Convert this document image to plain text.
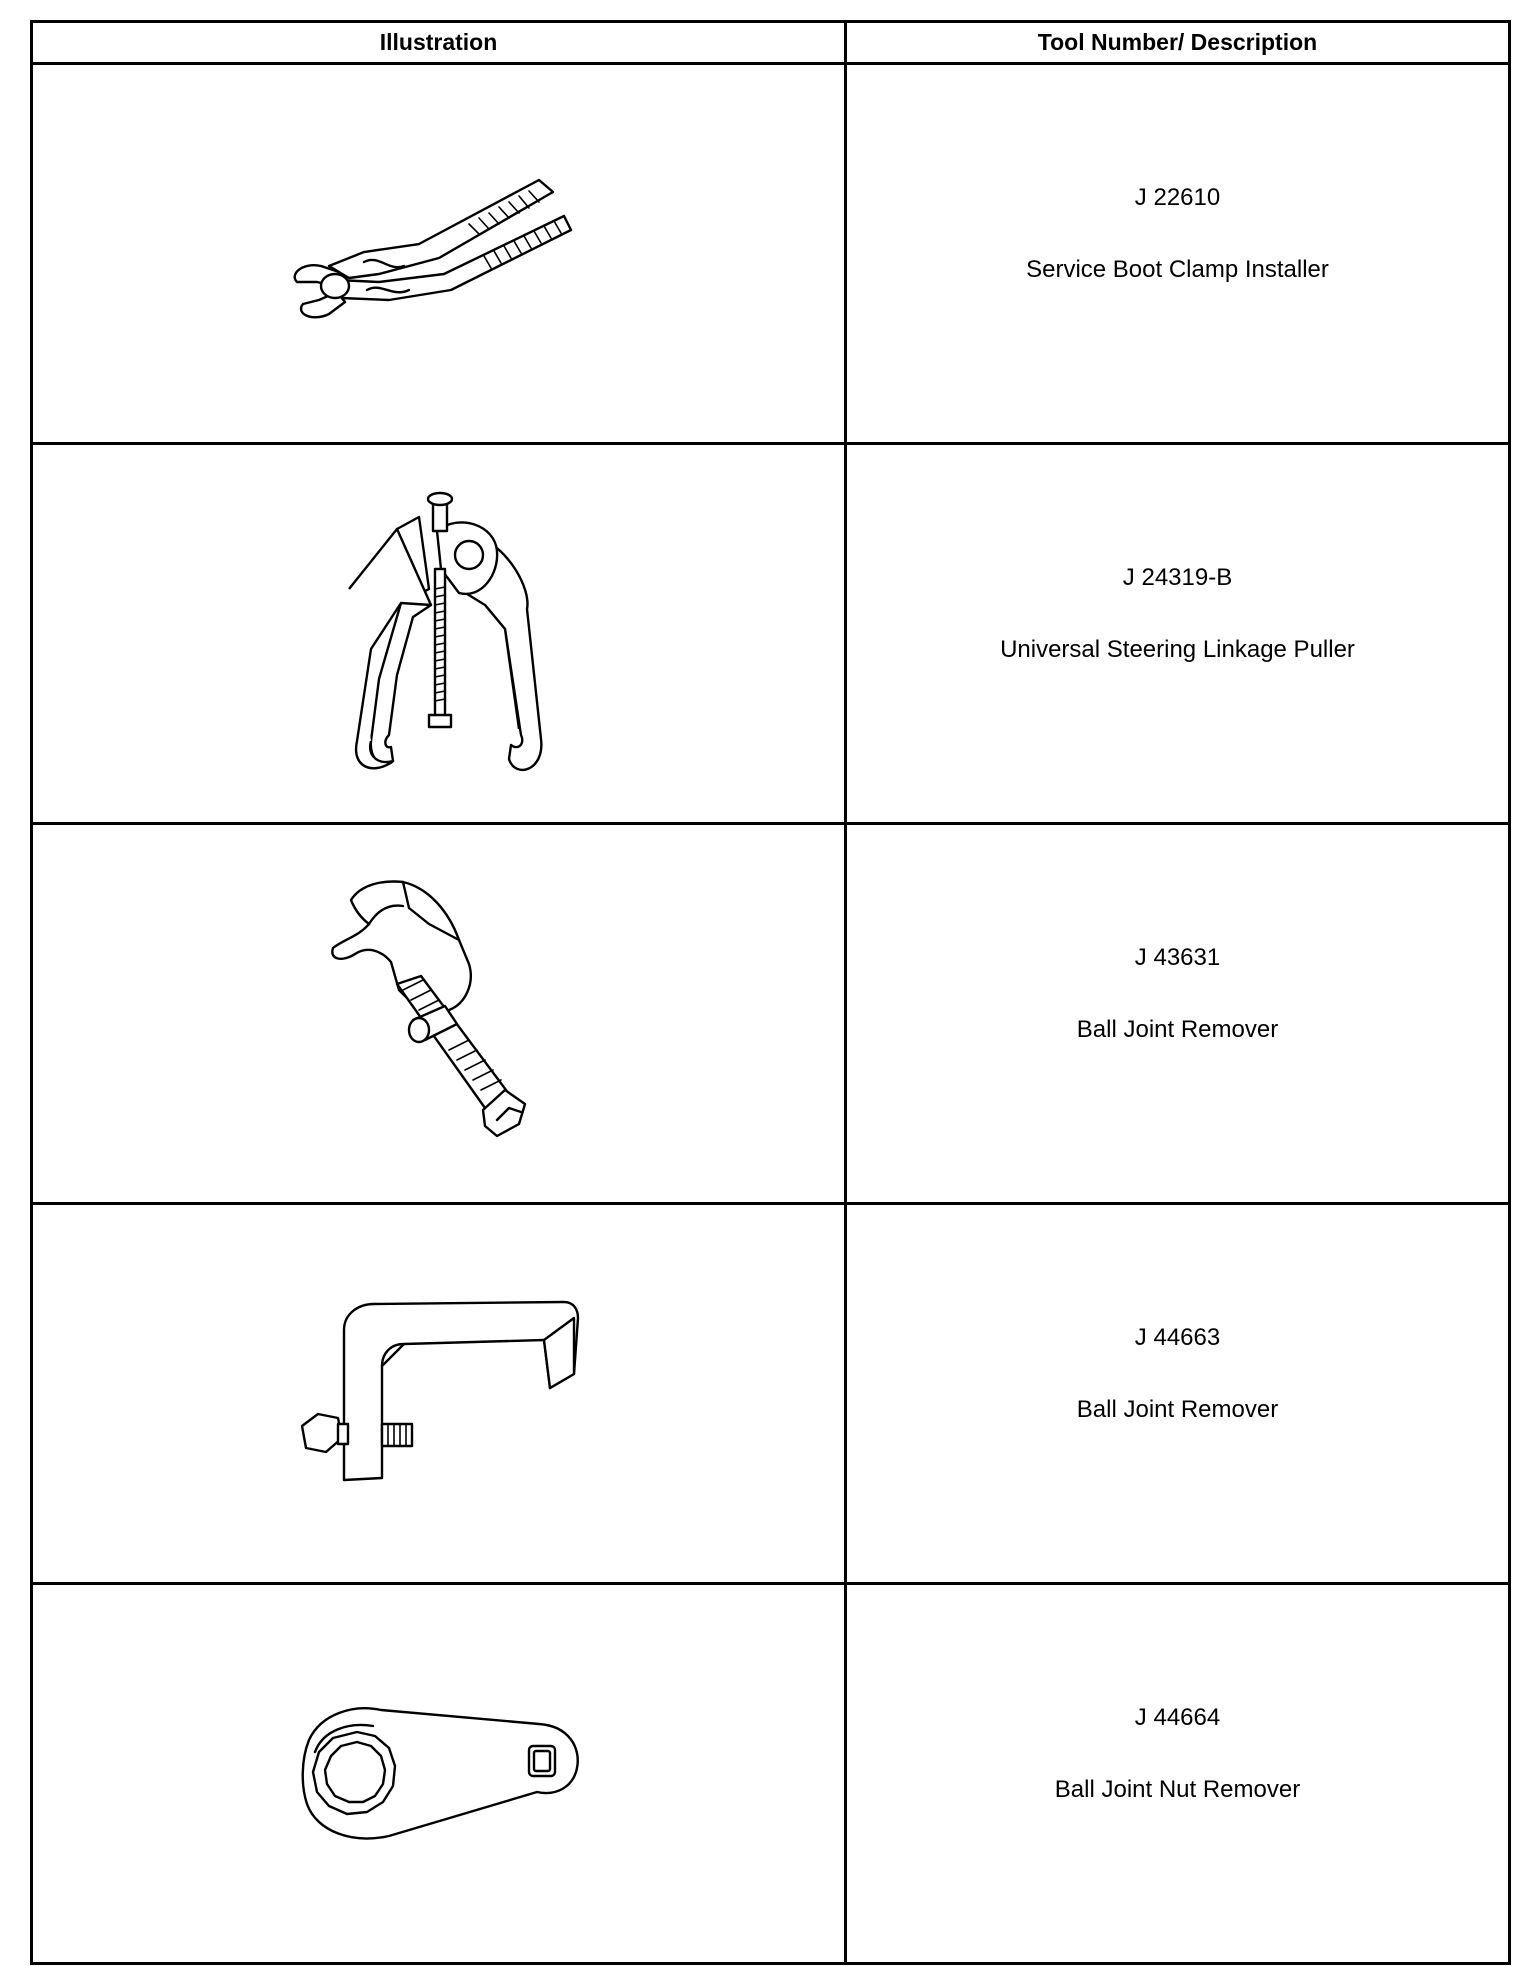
Illustration	Tool Number/ Description

J 22610
Service Boot Clamp Installer

J 24319-B
Universal Steering Linkage Puller

J 43631
Ball Joint Remover

J 44663
Ball Joint Remover

J 44664
Ball Joint Nut Remover
